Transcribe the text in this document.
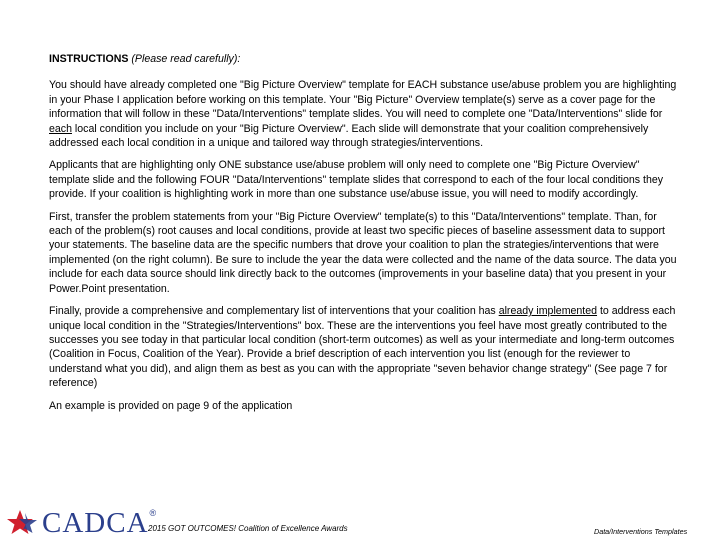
INSTRUCTIONS (Please read carefully):

You should have already completed one "Big Picture Overview" template for EACH substance use/abuse problem you are highlighting in your Phase I application before working on this template. Your "Big Picture" Overview template(s) serve as a cover page for the information that will follow in these "Data/Interventions" template slides. You will need to complete one "Data/Interventions" slide for each local condition you include on your "Big Picture Overview". Each slide will demonstrate that your coalition comprehensively addressed each local condition in a unique and tailored way through strategies/interventions.

Applicants that are highlighting only ONE substance use/abuse problem will only need to complete one "Big Picture Overview" template slide and the following FOUR "Data/Interventions" template slides that correspond to each of the four local conditions they provide. If your coalition is highlighting work in more than one substance use/abuse issue, you will need to modify accordingly.

First, transfer the problem statements from your "Big Picture Overview" template(s) to this "Data/Interventions" template. Than, for each of the problem(s) root causes and local conditions, provide at least two specific pieces of baseline assessment data to support your statements. The baseline data are the specific numbers that drove your coalition to plan the strategies/interventions that were implemented (on the right column). Be sure to include the year the data were collected and the name of the data source. The data you include for each data source should link directly back to the outcomes (improvements in your baseline data) that you present in your Power.Point presentation.

Finally, provide a comprehensive and complementary list of interventions that your coalition has already implemented to address each unique local condition in the "Strategies/Interventions" box. These are the interventions you feel have most greatly contributed to the successes you see today in that particular local condition (short-term outcomes) as well as your intermediate and long-term outcomes (Coalition in Focus, Coalition of the Year). Provide a brief description of each intervention you list (enough for the reviewer to understand what you did), and align them as best as you can with the appropriate "seven behavior change strategy" (See page 7 for reference)

An example is provided on page 9 of the application

CADCA ®
2015 GOT OUTCOMES! Coalition of Excellence Awards	Data/Interventions Templates
